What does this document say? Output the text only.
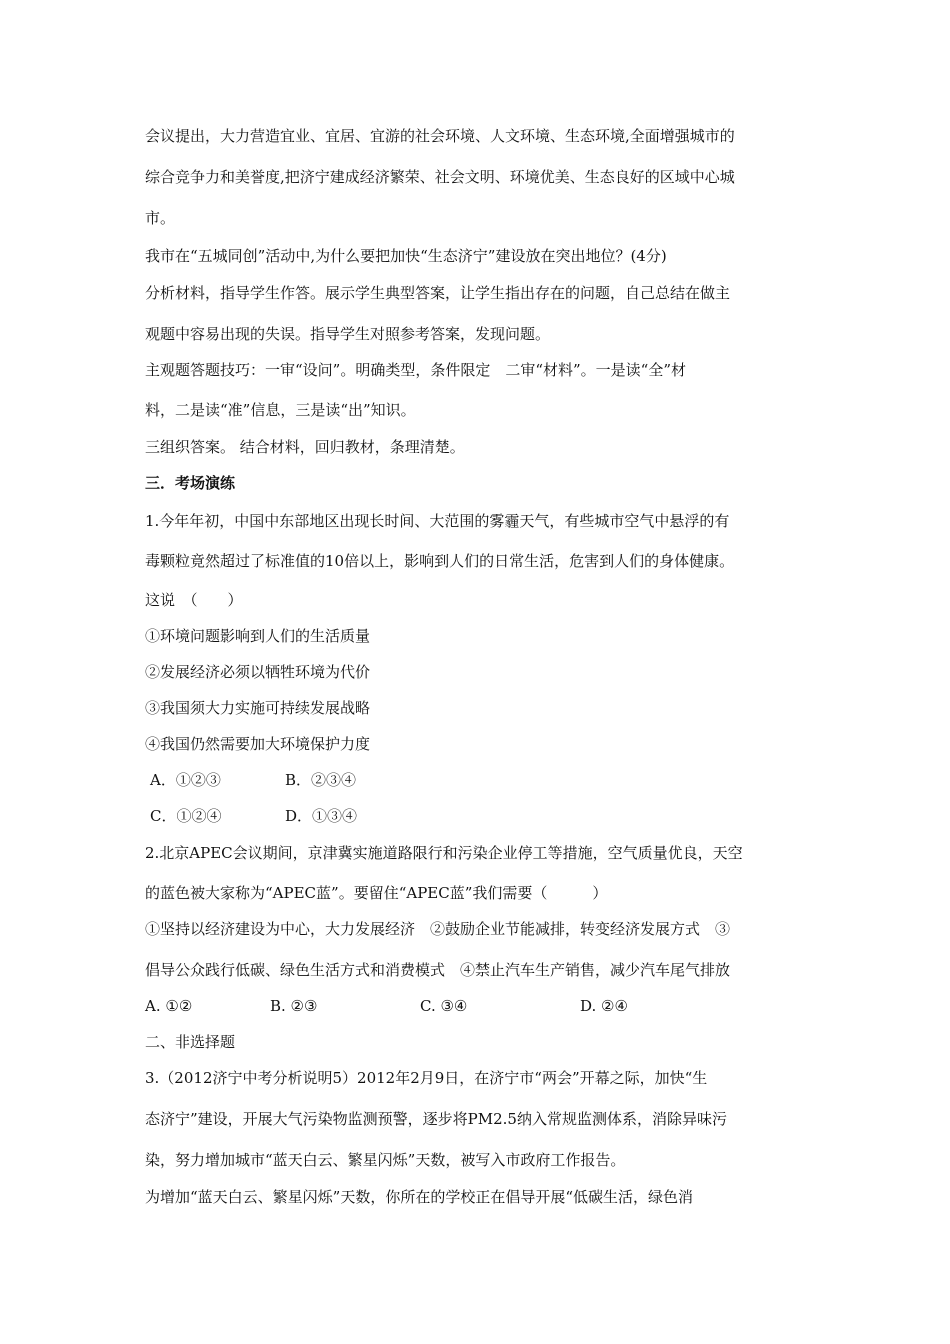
会议提出，大力营造宜业、宜居、宜游的社会环境、人文环境、生态环境,全面增强城市的

综合竞争力和美誉度,把济宁建成经济繁荣、社会文明、环境优美、生态良好的区域中心城

市。

我市在“五城同创”活动中,为什么要把加快“生态济宁”建设放在突出地位？(4分)

分析材料，指导学生作答。展示学生典型答案，让学生指出存在的问题，自己总结在做主

观题中容易出现的失误。指导学生对照参考答案，发现问题。

主观题答题技巧：一审“设问”。明确类型，条件限定　二审“材料”。一是读“全”材

料，二是读“准”信息，三是读“出”知识。

三组织答案。 结合材料，回归教材，条理清楚。

三．考场演练

1.今年年初，中国中东部地区出现长时间、大范围的雾霾天气，有些城市空气中悬浮的有

毒颗粒竟然超过了标准值的10倍以上，影响到人们的日常生活，危害到人们的身体健康。

这说　（　　）

①环境问题影响到人们的生活质量

②发展经济必须以牺牲环境为代价

③我国须大力实施可持续发展战略

④我国仍然需要加大环境保护力度

A．①②③	B．②③④
C．①②④	D．①③④

2.北京APEC会议期间，京津冀实施道路限行和污染企业停工等措施，空气质量优良，天空

的蓝色被大家称为“APEC蓝”。要留住“APEC蓝”我们需要（　　　）

①坚持以经济建设为中心，大力发展经济　②鼓励企业节能减排，转变经济发展方式　③

倡导公众践行低碳、绿色生活方式和消费模式　④禁止汽车生产销售，减少汽车尾气排放

A. ①②	B. ②③	C. ③④	D. ②④

二、非选择题

3.（2012济宁中考分析说明5）2012年2月9日，在济宁市“两会”开幕之际，加快“生

态济宁”建设，开展大气污染物监测预警，逐步将PM2.5纳入常规监测体系，消除异味污

染，努力增加城市“蓝天白云、繁星闪烁”天数，被写入市政府工作报告。

为增加“蓝天白云、繁星闪烁”天数，你所在的学校正在倡导开展“低碳生活，绿色消
